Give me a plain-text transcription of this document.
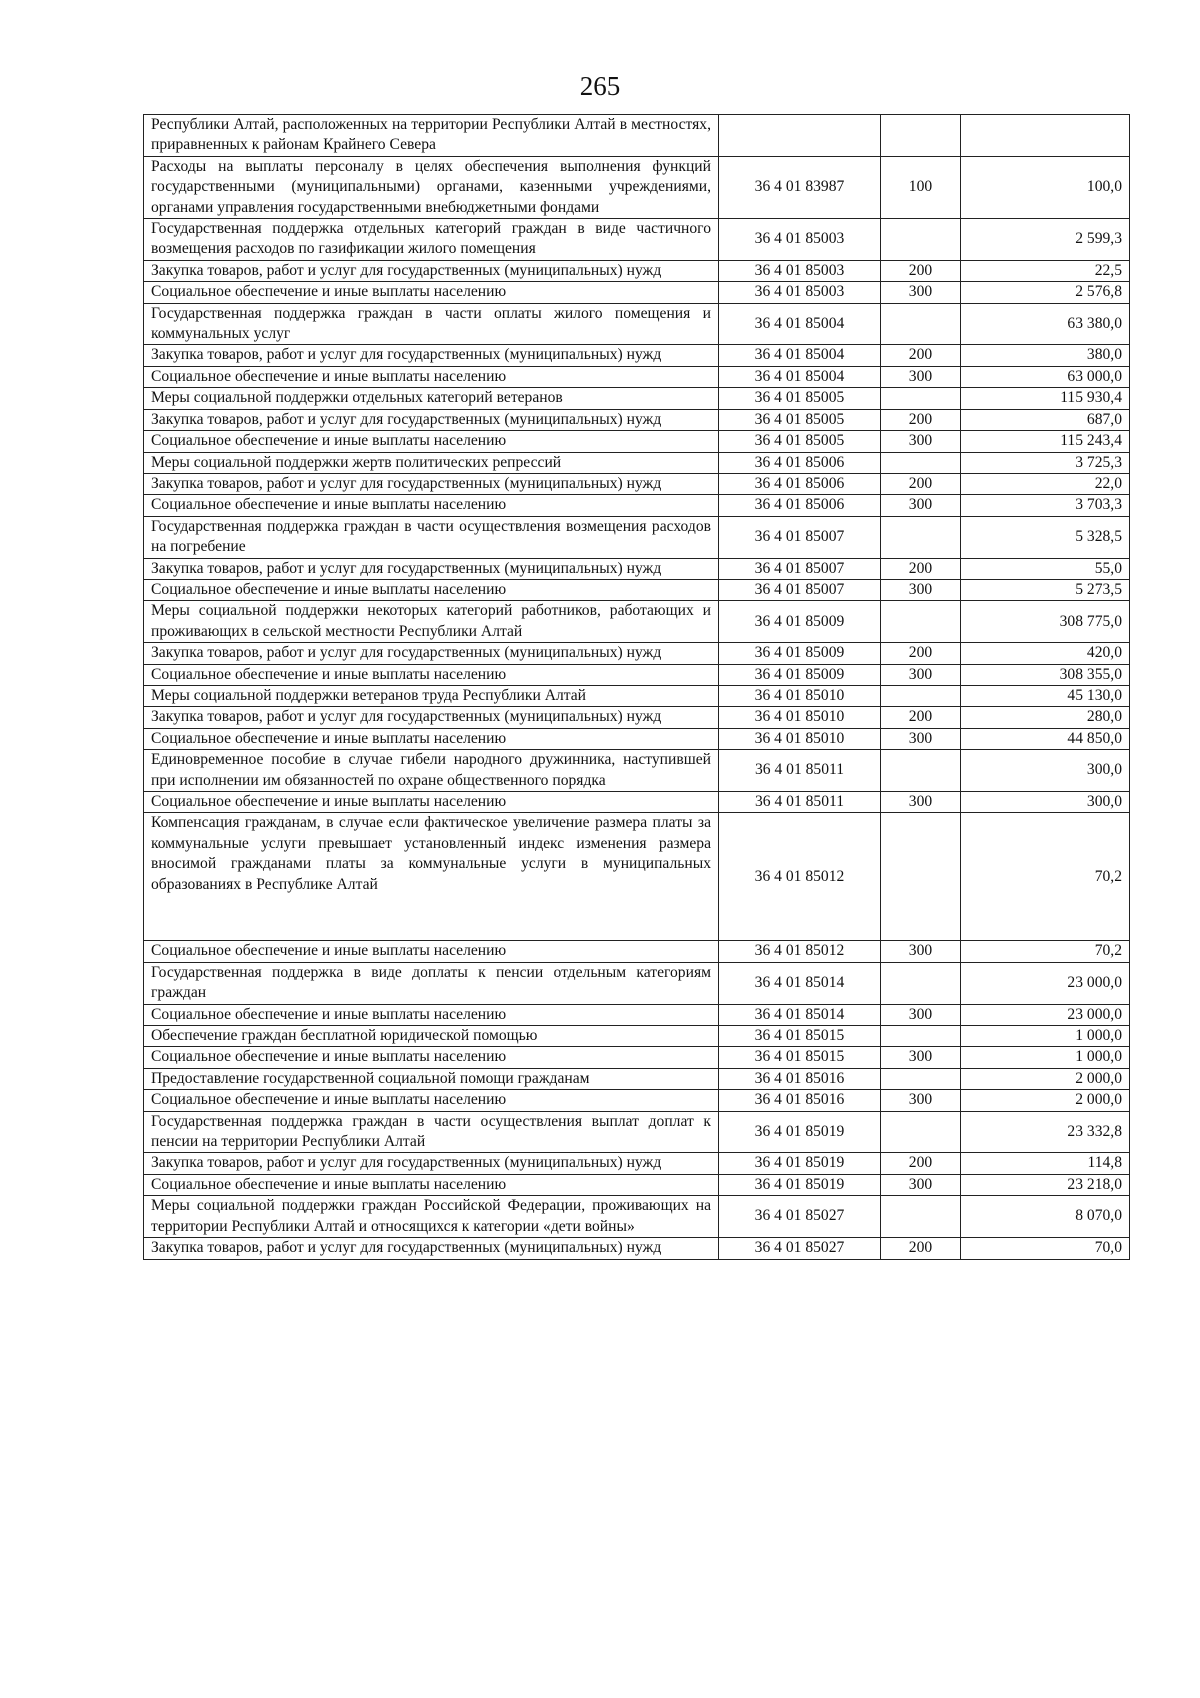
265
Республики Алтай, расположенных на территории Республики Алтай в местностях, приравненных к районам Крайнего Севера			
Расходы на выплаты персоналу в целях обеспечения выполнения функций государственными (муниципальными) органами, казенными учреждениями, органами управления государственными внебюджетными фондами	36 4 01 83987	100	100,0
Государственная поддержка отдельных категорий граждан в виде частичного возмещения расходов по газификации жилого помещения	36 4 01 85003		2 599,3
Закупка товаров, работ и услуг для государственных (муниципальных) нужд	36 4 01 85003	200	22,5
Социальное обеспечение и иные выплаты населению	36 4 01 85003	300	2 576,8
Государственная поддержка граждан в части оплаты жилого помещения и коммунальных услуг	36 4 01 85004		63 380,0
Закупка товаров, работ и услуг для государственных (муниципальных) нужд	36 4 01 85004	200	380,0
Социальное обеспечение и иные выплаты населению	36 4 01 85004	300	63 000,0
Меры социальной поддержки отдельных категорий ветеранов	36 4 01 85005		115 930,4
Закупка товаров, работ и услуг для государственных (муниципальных) нужд	36 4 01 85005	200	687,0
Социальное обеспечение и иные выплаты населению	36 4 01 85005	300	115 243,4
Меры социальной поддержки жертв политических репрессий	36 4 01 85006		3 725,3
Закупка товаров, работ и услуг для государственных (муниципальных) нужд	36 4 01 85006	200	22,0
Социальное обеспечение и иные выплаты населению	36 4 01 85006	300	3 703,3
Государственная поддержка граждан в части осуществления возмещения расходов на погребение	36 4 01 85007		5 328,5
Закупка товаров, работ и услуг для государственных (муниципальных) нужд	36 4 01 85007	200	55,0
Социальное обеспечение и иные выплаты населению	36 4 01 85007	300	5 273,5
Меры социальной поддержки некоторых категорий работников, работающих и проживающих в сельской местности Республики Алтай	36 4 01 85009		308 775,0
Закупка товаров, работ и услуг для государственных (муниципальных) нужд	36 4 01 85009	200	420,0
Социальное обеспечение и иные выплаты населению	36 4 01 85009	300	308 355,0
Меры социальной поддержки ветеранов труда Республики Алтай	36 4 01 85010		45 130,0
Закупка товаров, работ и услуг для государственных (муниципальных) нужд	36 4 01 85010	200	280,0
Социальное обеспечение и иные выплаты населению	36 4 01 85010	300	44 850,0
Единовременное пособие в случае гибели народного дружинника, наступившей при исполнении им обязанностей по охране общественного порядка	36 4 01 85011		300,0
Социальное обеспечение и иные выплаты населению	36 4 01 85011	300	300,0
Компенсация гражданам, в случае если фактическое увеличение размера платы за коммунальные услуги превышает установленный индекс изменения размера вносимой гражданами платы за коммунальные услуги в муниципальных образованиях в Республике Алтай	36 4 01 85012		70,2
Социальное обеспечение и иные выплаты населению	36 4 01 85012	300	70,2
Государственная поддержка в виде доплаты к пенсии отдельным категориям граждан	36 4 01 85014		23 000,0
Социальное обеспечение и иные выплаты населению	36 4 01 85014	300	23 000,0
Обеспечение граждан бесплатной юридической помощью	36 4 01 85015		1 000,0
Социальное обеспечение и иные выплаты населению	36 4 01 85015	300	1 000,0
Предоставление государственной социальной помощи гражданам	36 4 01 85016		2 000,0
Социальное обеспечение и иные выплаты населению	36 4 01 85016	300	2 000,0
Государственная поддержка граждан в части осуществления выплат доплат к пенсии на территории Республики Алтай	36 4 01 85019		23 332,8
Закупка товаров, работ и услуг для государственных (муниципальных) нужд	36 4 01 85019	200	114,8
Социальное обеспечение и иные выплаты населению	36 4 01 85019	300	23 218,0
Меры социальной поддержки граждан Российской Федерации, проживающих на территории Республики Алтай и относящихся к категории «дети войны»	36 4 01 85027		8 070,0
Закупка товаров, работ и услуг для государственных (муниципальных) нужд	36 4 01 85027	200	70,0
